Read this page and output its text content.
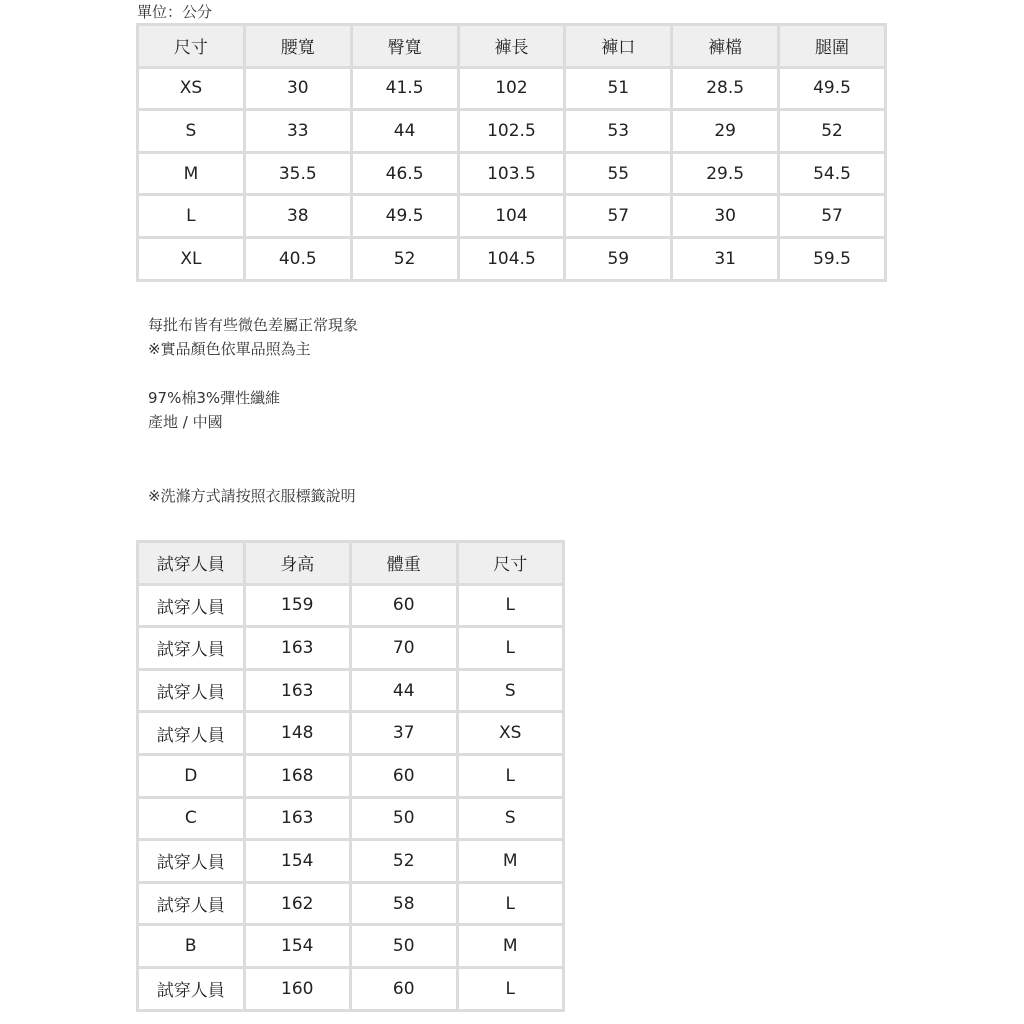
單位：公分
尺寸	腰寬	臀寬	褲長	褲口	褲檔	腿圍
XS	30	41.5	102	51	28.5	49.5
S	33	44	102.5	53	29	52
M	35.5	46.5	103.5	55	29.5	54.5
L	38	49.5	104	57	30	57
XL	40.5	52	104.5	59	31	59.5

每批布皆有些微色差屬正常現象

※實品顏色依單品照為主

97%棉3%彈性纖維

產地 / 中國

※洗滌方式請按照衣服標籤說明

試穿人員	身高	體重	尺寸
試穿人員	159	60	L
試穿人員	163	70	L
試穿人員	163	44	S
試穿人員	148	37	XS
D	168	60	L
C	163	50	S
試穿人員	154	52	M
試穿人員	162	58	L
B	154	50	M
試穿人員	160	60	L
